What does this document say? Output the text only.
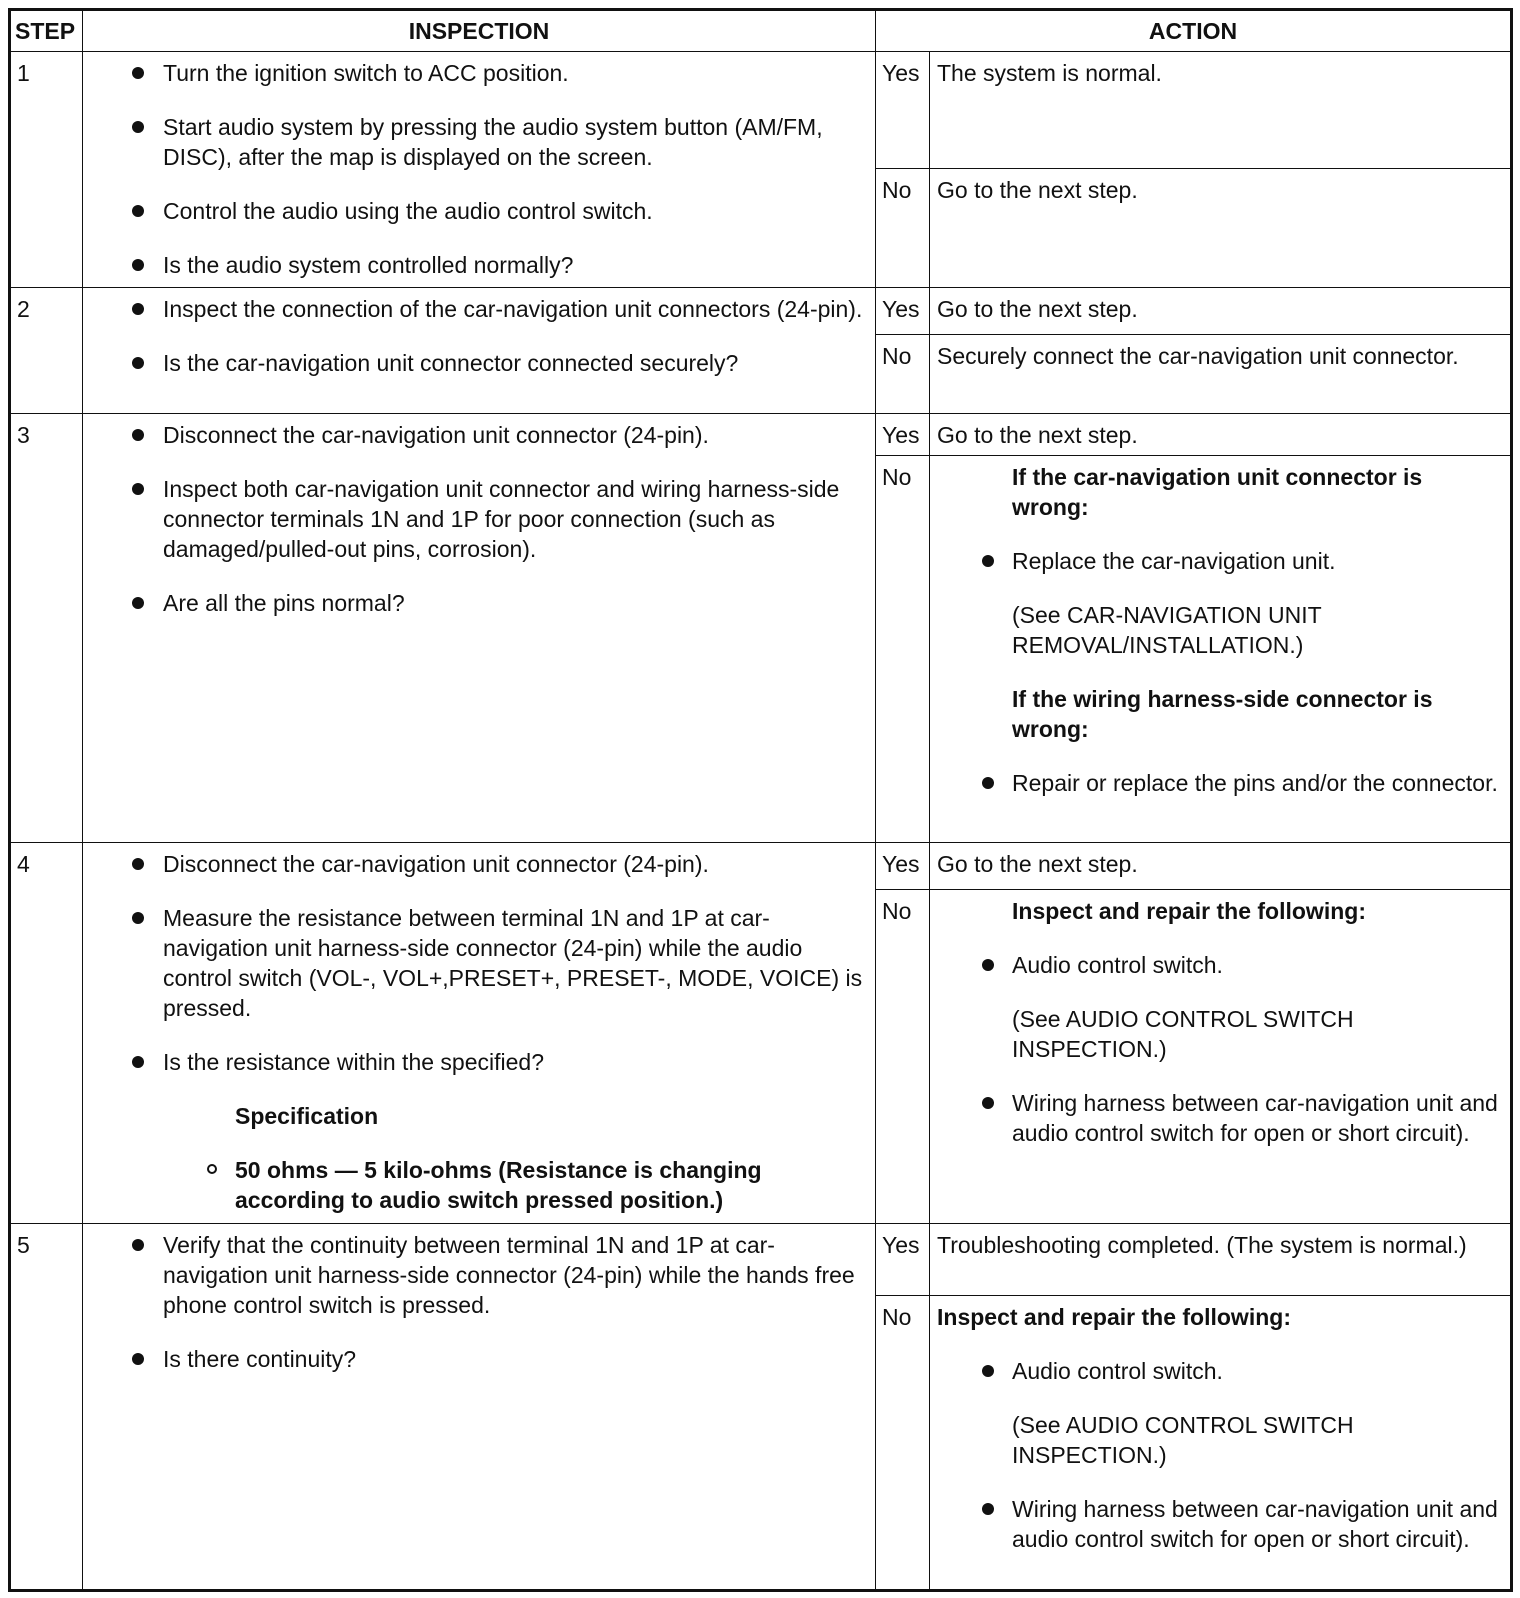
STEP	INSPECTION	ACTION	
1	Turn the ignition switch to ACC position.
Start audio system by pressing the audio system button (AM/FM, DISC), after the map is displayed on the screen.
Control the audio using the audio control switch.
Is the audio system controlled normally?	Yes	The system is normal.
		No	Go to the next step.
2	Inspect the connection of the car-navigation unit connectors (24-pin).
Is the car-navigation unit connector connected securely?	Yes	Go to the next step.
		No	Securely connect the car-navigation unit connector.
3	Disconnect the car-navigation unit connector (24-pin).
Inspect both car-navigation unit connector and wiring harness-side connector terminals 1N and 1P for poor connection (such as damaged/pulled-out pins, corrosion).
Are all the pins normal?	Yes	Go to the next step.
		No	If the car-navigation unit connector is wrong:
Replace the car-navigation unit.
(See CAR-NAVIGATION UNIT REMOVAL/INSTALLATION.)
If the wiring harness-side connector is wrong:
Repair or replace the pins and/or the connector.

4	Disconnect the car-navigation unit connector (24-pin).
Measure the resistance between terminal 1N and 1P at car-navigation unit harness-side connector (24-pin) while the audio control switch (VOL-, VOL+,PRESET+, PRESET-, MODE, VOICE) is pressed.
Is the resistance within the specified?
Specification
50 ohms — 5 kilo-ohms (Resistance is changing according to audio switch pressed position.)	Yes	Go to the next step.
		No	Inspect and repair the following:
Audio control switch.
(See AUDIO CONTROL SWITCH INSPECTION.)
Wiring harness between car-navigation unit and audio control switch for open or short circuit).

5	Verify that the continuity between terminal 1N and 1P at car-navigation unit harness-side connector (24-pin) while the hands free phone control switch is pressed.
Is there continuity?	Yes	Troubleshooting completed. (The system is normal.)
		No	Inspect and repair the following:
Audio control switch.
(See AUDIO CONTROL SWITCH INSPECTION.)
Wiring harness between car-navigation unit and audio control switch for open or short circuit).
